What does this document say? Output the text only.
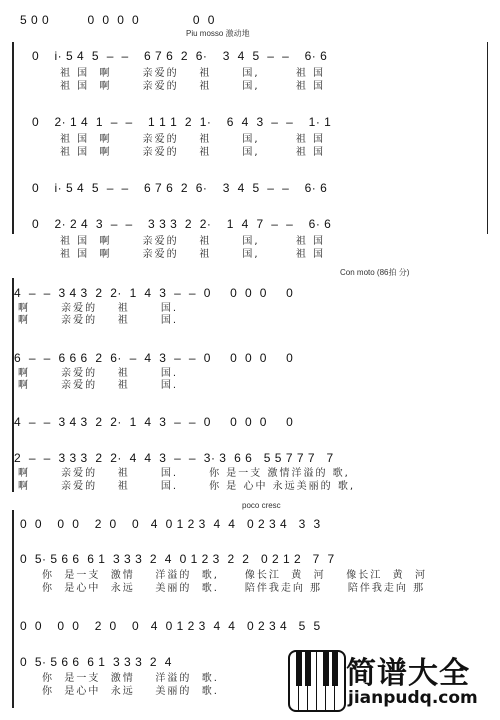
5 0 0          0  0  0  0              0  0
Piu mosso 激动地
0    i· 5 4  5  –  –    6 7 6  2  6·    3  4  5  –  –    6· 6
祖 国  啊      亲爱的    祖      国,       祖 国
祖 国  啊      亲爱的    祖      国,       祖 国
0    2· 1 4  1  –  –    1 1 1  2  1·    6  4  3  –  –    1· 1
祖 国  啊      亲爱的    祖      国,       祖 国
祖 国  啊      亲爱的    祖      国,       祖 国
0    i· 5 4  5  –  –    6 7 6  2  6·    3  4  5  –  –    6· 6
0    2· 2 4  3  –  –    3 3 3  2  2·    1  4  7  –  –    6· 6
祖 国  啊      亲爱的    祖      国,       祖 国
祖 国  啊      亲爱的    祖      国,       祖 国
Con moto (86拍 分)
4  –  –  3 4 3  2  2·  1  4  3  –  –  0     0  0  0     0
啊      亲爱的    祖      国.
啊      亲爱的    祖      国.
6  –  –  6 6 6  2  6·  –  4  3  –  –  0     0  0  0     0
啊      亲爱的    祖      国.
啊      亲爱的    祖      国.
4  –  –  3 4 3  2  2·  1  4  3  –  –  0     0  0  0     0
2  –  –  3 3 3  2  2·  4  4  3  –  –  3· 3  6 6   5 5 7 7 7   7
啊      亲爱的    祖      国.      你 是一支 激情洋溢的 歌,
啊      亲爱的    祖      国.      你 是 心中 永远美丽的 歌,
poco cresc
0  0    0  0    2  0    0   4  0 1 2 3  4  4   0 2 3 4   3  3
0  5· 5 6 6  6 1  3 3 3  2  4  0 1 2 3  2  2   0 2 1 2   7  7
你  是一支  激情    洋溢的  歌,     像长江  黄  河    像长江  黄  河
你  是心中  永远    美丽的  歌.     陪伴我走向 那     陪伴我走向 那
0  0    0  0    2  0    0   4  0 1 2 3  4  4   0 2 3 4   5  5
0  5· 5 6 6  6 1  3 3 3  2  4
你  是一支  激情    洋溢的  歌.
你  是心中  永远    美丽的  歌.
简谱大全
jianpudq.com
